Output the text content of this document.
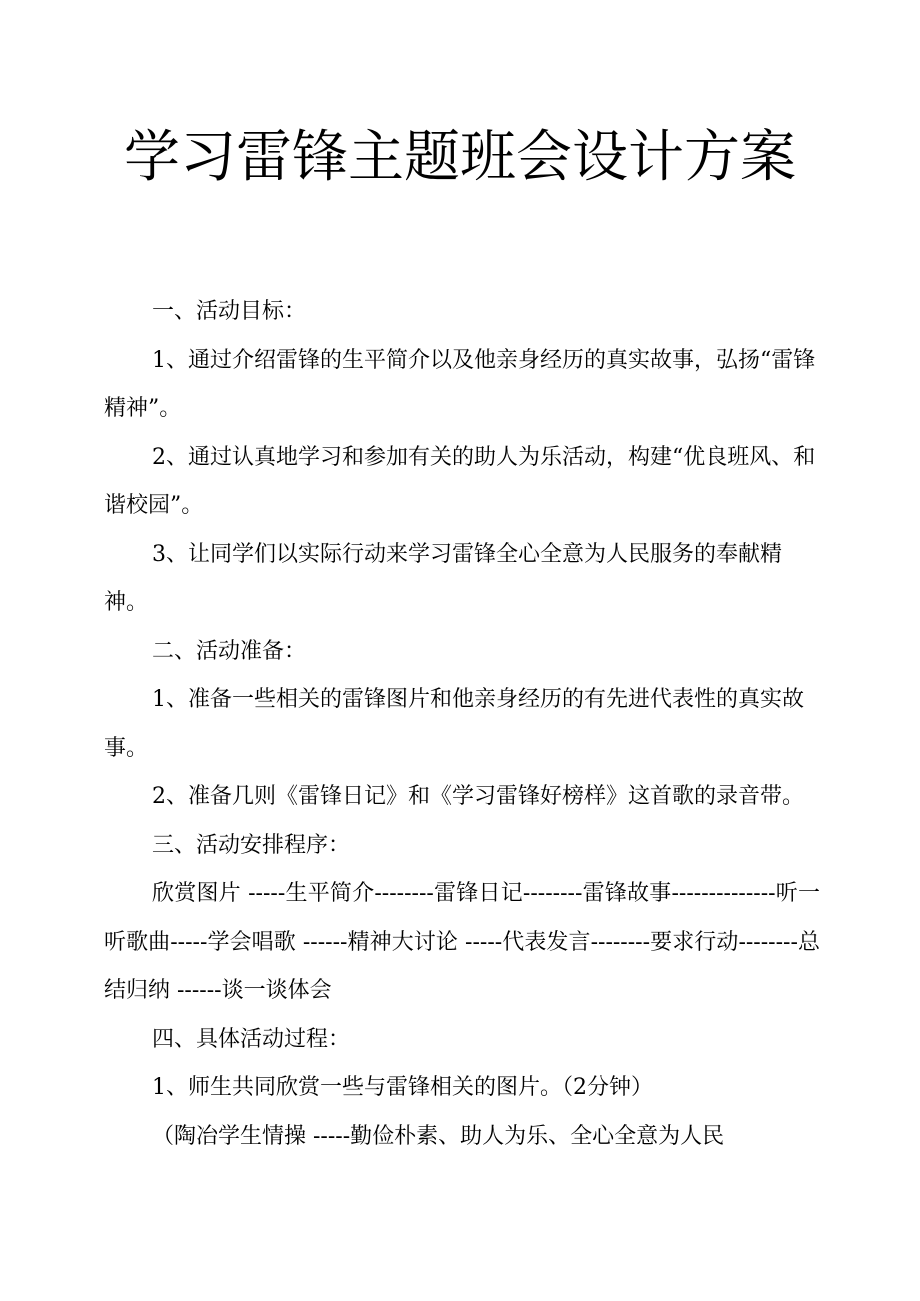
学习雷锋主题班会设计方案

一、活动目标：

1、通过介绍雷锋的生平简介以及他亲身经历的真实故事，弘扬“雷锋精神”。

2、通过认真地学习和参加有关的助人为乐活动，构建“优良班风、和谐校园”。

3、让同学们以实际行动来学习雷锋全心全意为人民服务的奉献精神。

二、活动准备：

1、准备一些相关的雷锋图片和他亲身经历的有先进代表性的真实故事。

2、准备几则《雷锋日记》和《学习雷锋好榜样》这首歌的录音带。

三、活动安排程序：

欣赏图片 -----生平简介--------雷锋日记--------雷锋故事--------------听一听歌曲-----学会唱歌 ------精神大讨论 -----代表发言--------要求行动--------总结归纳 ------谈一谈体会

四、具体活动过程：

1、师生共同欣赏一些与雷锋相关的图片。（2分钟）

（陶冶学生情操 -----勤俭朴素、助人为乐、全心全意为人民
